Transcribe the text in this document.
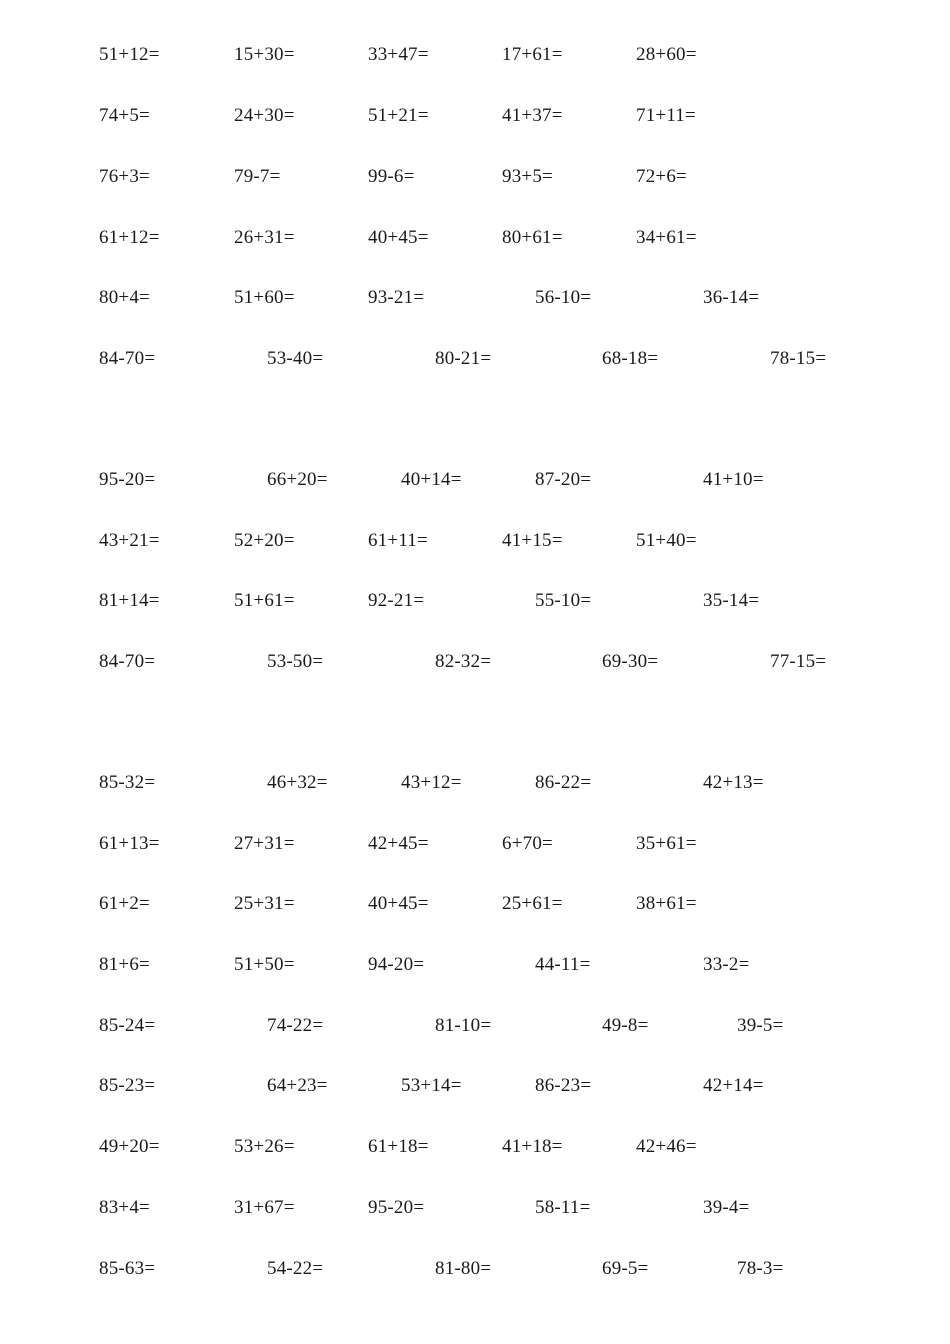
51+12=	15+30=	33+47=	17+61=	28+60=
74+5=	24+30=	51+21=	41+37=	71+11=
76+3=	79-7=	99-6=	93+5=	72+6=
61+12=	26+31=	40+45=	80+61=	34+61=
80+4=	51+60=	93-21=	56-10=	36-14=
84-70=	53-40=	80-21=	68-18=	78-15=
95-20=	66+20=	40+14=	87-20=	41+10=
43+21=	52+20=	61+11=	41+15=	51+40=
81+14=	51+61=	92-21=	55-10=	35-14=
84-70=	53-50=	82-32=	69-30=	77-15=
85-32=	46+32=	43+12=	86-22=	42+13=
61+13=	27+31=	42+45=	6+70=	35+61=
61+2=	25+31=	40+45=	25+61=	38+61=
81+6=	51+50=	94-20=	44-11=	33-2=
85-24=	74-22=	81-10=	49-8=	39-5=
85-23=	64+23=	53+14=	86-23=	42+14=
49+20=	53+26=	61+18=	41+18=	42+46=
83+4=	31+67=	95-20=	58-11=	39-4=
85-63=	54-22=	81-80=	69-5=	78-3=
